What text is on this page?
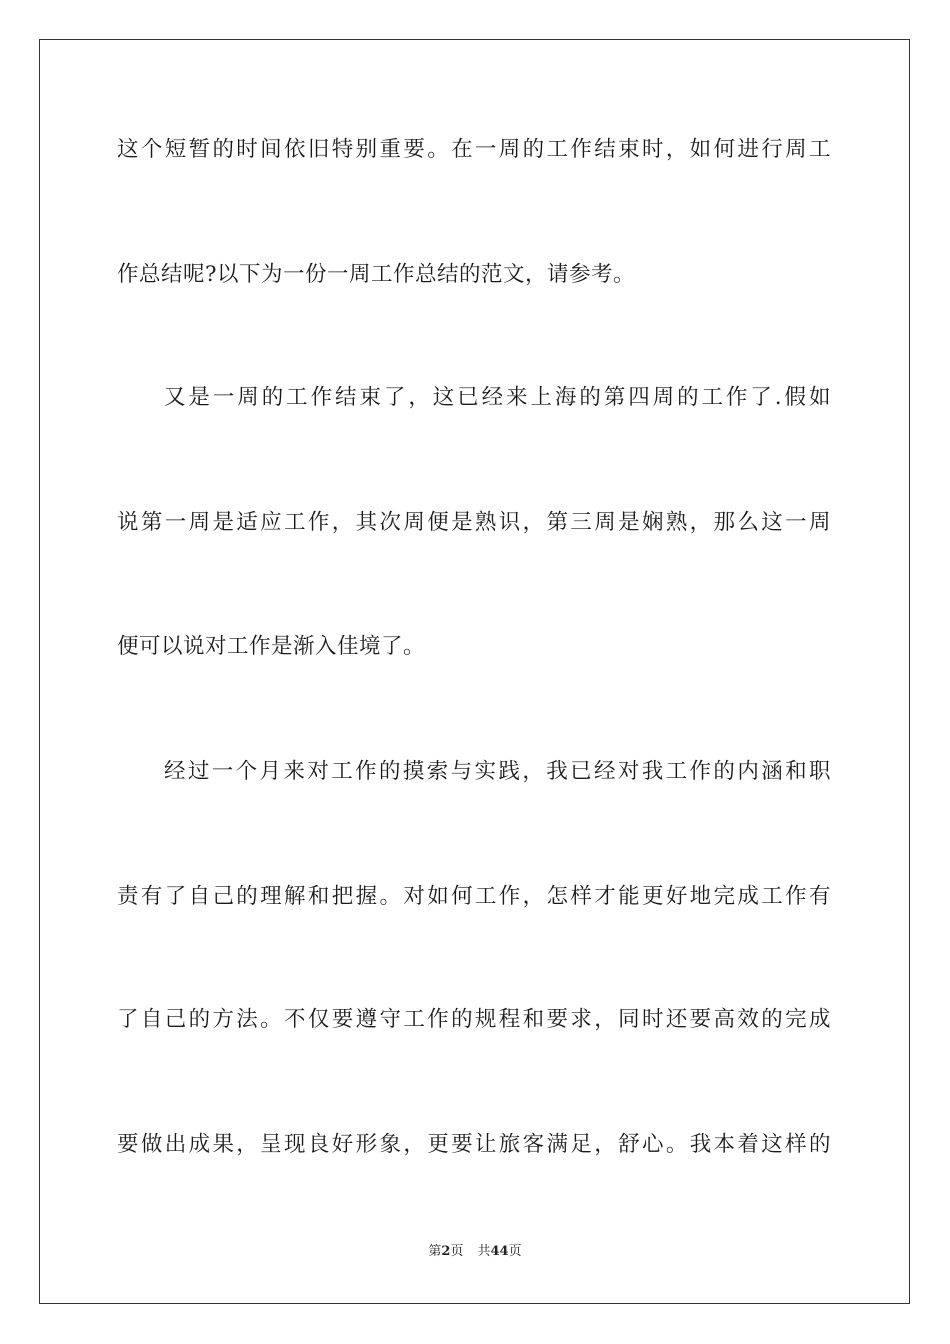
这个短暂的时间依旧特别重要。在一周的工作结束时，如何进行周工
作总结呢?以下为一份一周工作总结的范文，请参考。
又是一周的工作结束了，这已经来上海的第四周的工作了.假如
说第一周是适应工作，其次周便是熟识，第三周是娴熟，那么这一周
便可以说对工作是渐入佳境了。
经过一个月来对工作的摸索与实践，我已经对我工作的内涵和职
责有了自己的理解和把握。对如何工作，怎样才能更好地完成工作有
了自己的方法。不仅要遵守工作的规程和要求，同时还要高效的完成
要做出成果，呈现良好形象，更要让旅客满足，舒心。我本着这样的
第2页 共44页
